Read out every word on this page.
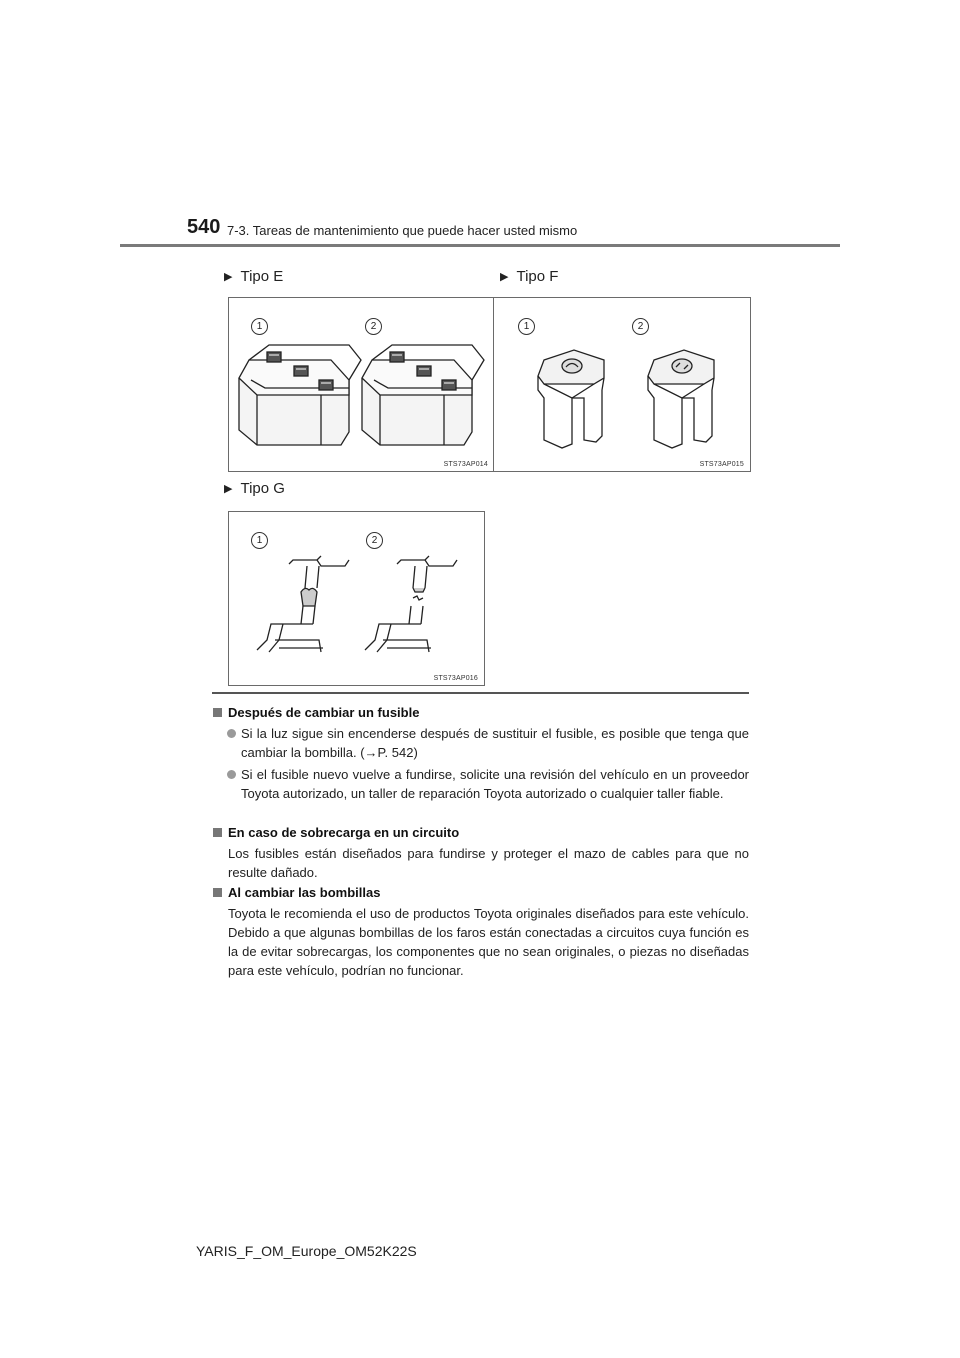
540 7-3. Tareas de mantenimiento que puede hacer usted mismo
▶ Tipo E	▶ Tipo F
▶ Tipo G
1	2
STS73AP014
1	2
STS73AP015
1	2
STS73AP016
Después de cambiar un fusible
Si la luz sigue sin encenderse después de sustituir el fusible, es posible que tenga que cambiar la bombilla. (→P. 542)
Si el fusible nuevo vuelve a fundirse, solicite una revisión del vehículo en un proveedor Toyota autorizado, un taller de reparación Toyota autorizado o cualquier taller fiable.
En caso de sobrecarga en un circuito
Los fusibles están diseñados para fundirse y proteger el mazo de cables para que no resulte dañado.
Al cambiar las bombillas
Toyota le recomienda el uso de productos Toyota originales diseñados para este vehículo. Debido a que algunas bombillas de los faros están conectadas a circuitos cuya función es la de evitar sobrecargas, los componentes que no sean originales, o piezas no diseñadas para este vehículo, podrían no funcionar.
YARIS_F_OM_Europe_OM52K22S
